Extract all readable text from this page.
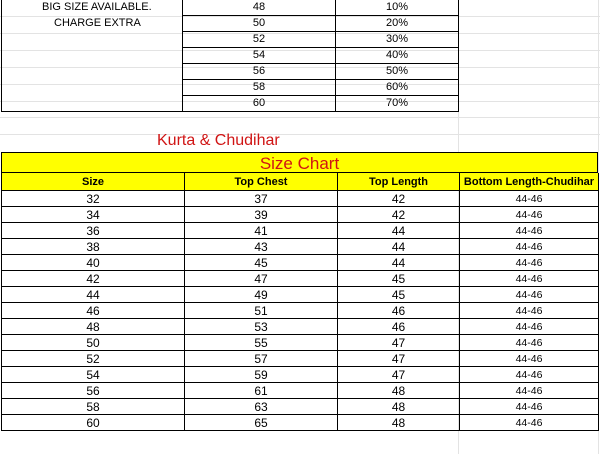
BIG SIZE AVAILABLE.	48	10%
CHARGE EXTRA	50	20%
	52	30%
	54	40%
	56	50%
	58	60%
	60	70%
Kurta & Chudihar
Size Chart
Size	Top Chest	Top Length	Bottom Length-Chudihar
32	37	42	44-46
34	39	42	44-46
36	41	44	44-46
38	43	44	44-46
40	45	44	44-46
42	47	45	44-46
44	49	45	44-46
46	51	46	44-46
48	53	46	44-46
50	55	47	44-46
52	57	47	44-46
54	59	47	44-46
56	61	48	44-46
58	63	48	44-46
60	65	48	44-46
